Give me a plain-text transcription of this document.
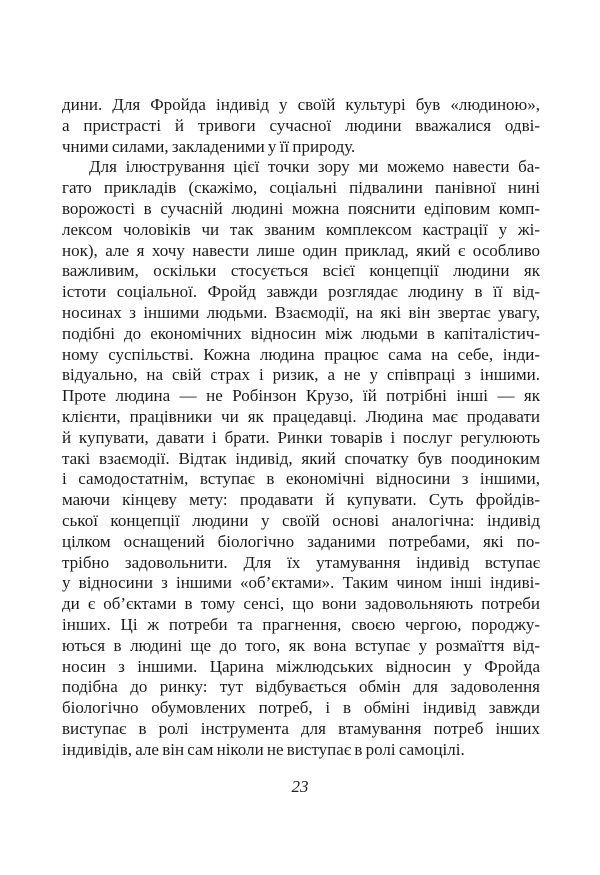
дини. Для Фройда індивід у своїй культурі був «людиною»,
а пристрасті й тривоги сучасної людини вважалися одві-
чними силами, закладеними у її природу.
Для ілюстрування цієї точки зору ми можемо навести ба-
гато прикладів (скажімо, соціальні підвалини панівної нині
ворожості в сучасній людині можна пояснити едіповим комп-
лексом чоловіків чи так званим комплексом кастрації у жі-
нок), але я хочу навести лише один приклад, який є особливо
важливим, оскільки стосується всієї концепції людини як
істоти соціальної. Фройд завжди розглядає людину в її від-
носинах з іншими людьми. Взаємодії, на які він звертає увагу,
подібні до економічних відносин між людьми в капіталістич-
ному суспільстві. Кожна людина працює сама на себе, інди-
відуально, на свій страх і ризик, а не у співпраці з іншими.
Проте людина — не Робінзон Крузо, їй потрібні інші — як
клієнти, працівники чи як працедавці. Людина має продавати
й купувати, давати і брати. Ринки товарів і послуг регулюють
такі взаємодії. Відтак індивід, який спочатку був поодиноким
і самодостатнім, вступає в економічні відносини з іншими,
маючи кінцеву мету: продавати й купувати. Суть фройдів-
ської концепції людини у своїй основі аналогічна: індивід
цілком оснащений біологічно заданими потребами, які по-
трібно задовольнити. Для їх утамування індивід вступає
у відносини з іншими «об’єктами». Таким чином інші індиві-
ди є об’єктами в тому сенсі, що вони задовольняють потреби
інших. Ці ж потреби та прагнення, своєю чергою, породжу-
ються в людині ще до того, як вона вступає у розмаїття від-
носин з іншими. Царина міжлюдських відносин у Фройда
подібна до ринку: тут відбувається обмін для задоволення
біологічно обумовлених потреб, і в обміні індивід завжди
виступає в ролі інструмента для втамування потреб інших
індивідів, але він сам ніколи не виступає в ролі самоцілі.
23
